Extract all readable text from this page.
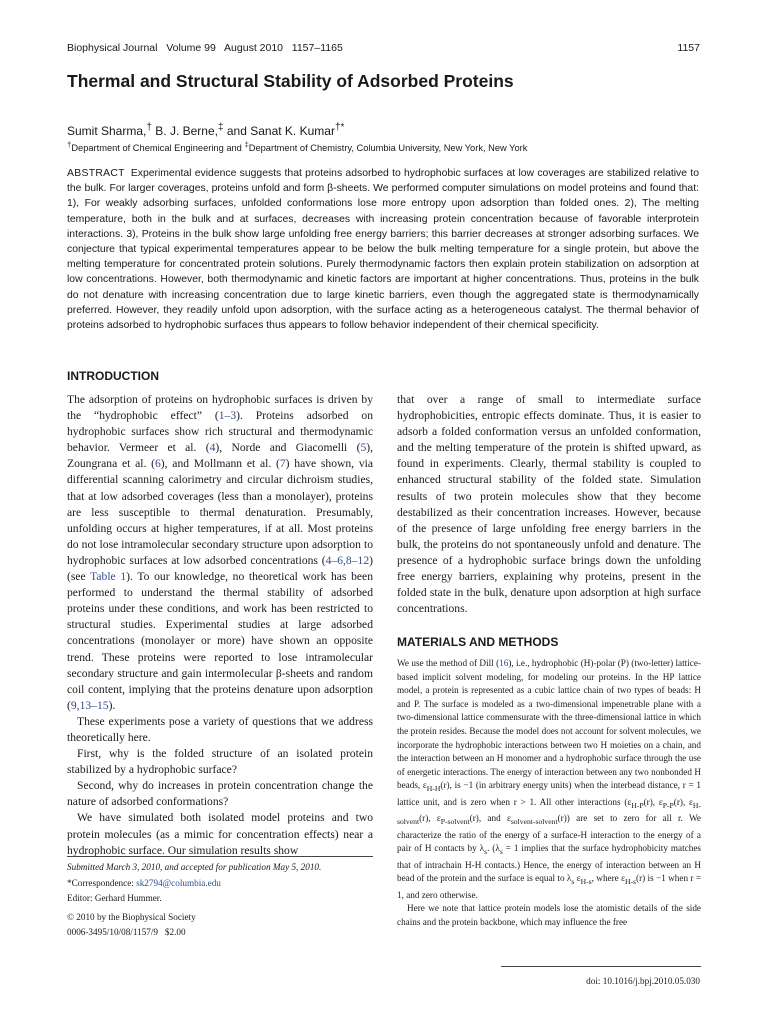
Biophysical Journal Volume 99 August 2010 1157–1165	1157
Thermal and Structural Stability of Adsorbed Proteins
Sumit Sharma,† B. J. Berne,‡ and Sanat K. Kumar†*
†Department of Chemical Engineering and ‡Department of Chemistry, Columbia University, New York, New York

ABSTRACT Experimental evidence suggests that proteins adsorbed to hydrophobic surfaces at low coverages are stabilized relative to the bulk. For larger coverages, proteins unfold and form β-sheets. We performed computer simulations on model proteins and found that: 1), For weakly adsorbing surfaces, unfolded conformations lose more entropy upon adsorption than folded ones. 2), The melting temperature, both in the bulk and at surfaces, decreases with increasing protein concentration because of favorable interprotein interactions. 3), Proteins in the bulk show large unfolding free energy barriers; this barrier decreases at stronger adsorbing surfaces. We conjecture that typical experimental temperatures appear to be below the bulk melting temperature for a single protein, but above the melting temperature for concentrated protein solutions. Purely thermodynamic factors then explain protein stabilization on adsorption at low concentrations. However, both thermodynamic and kinetic factors are important at higher concentrations. Thus, proteins in the bulk do not denature with increasing concentration due to large kinetic barriers, even though the aggregated state is thermodynamically preferred. However, they readily unfold upon adsorption, with the surface acting as a heterogeneous catalyst. The thermal behavior of proteins adsorbed to hydrophobic surfaces thus appears to follow behavior independent of their chemical specificity.

INTRODUCTION

The adsorption of proteins on hydrophobic surfaces is driven by the “hydrophobic effect” (1–3). Proteins adsorbed on hydrophobic surfaces show rich structural and thermodynamic behavior. Vermeer et al. (4), Norde and Giacomelli (5), Zoungrana et al. (6), and Mollmann et al. (7) have shown, via differential scanning calorimetry and circular dichroism studies, that at low adsorbed coverages (less than a monolayer), proteins are less susceptible to thermal denaturation. Presumably, unfolding occurs at higher temperatures, if at all. Most proteins do not lose intramolecular secondary structure upon adsorption to hydrophobic surfaces at low adsorbed concentrations (4–6,8–12) (see Table 1). To our knowledge, no theoretical work has been performed to understand the thermal stability of adsorbed proteins under these conditions, and work has been restricted to structural studies. Experimental studies at large adsorbed concentrations (monolayer or more) have shown an opposite trend. These proteins were reported to lose intramolecular secondary structure and gain intermolecular β-sheets and random coil content, implying that the proteins denature upon adsorption (9,13–15).

These experiments pose a variety of questions that we address theoretically here.

First, why is the folded structure of an isolated protein stabilized by a hydrophobic surface?

Second, why do increases in protein concentration change the nature of adsorbed conformations?

We have simulated both isolated model proteins and two protein molecules (as a mimic for concentration effects) near a hydrophobic surface. Our simulation results show

that over a range of small to intermediate surface hydrophobicities, entropic effects dominate. Thus, it is easier to adsorb a folded conformation versus an unfolded conformation, and the melting temperature of the protein is shifted upward, as found in experiments. Clearly, thermal stability is coupled to enhanced structural stability of the folded state. Simulation results of two protein molecules show that they become destabilized as their concentration increases. However, because of the presence of large unfolding free energy barriers in the bulk, the proteins do not spontaneously unfold and denature. The presence of a hydrophobic surface brings down the unfolding free energy barriers, explaining why proteins, present in the folded state in the bulk, denature upon adsorption at high surface concentrations.

MATERIALS AND METHODS

We use the method of Dill (16), i.e., hydrophobic (H)-polar (P) (two-letter) lattice-based implicit solvent modeling, for modeling our proteins. In the HP lattice model, a protein is represented as a cubic lattice chain of two types of beads: H and P. The surface is modeled as a two-dimensional impenetrable plane with a two-dimensional lattice commensurate with the three-dimensional lattice in which the protein resides. Because the model does not account for solvent molecules, we incorporate the hydrophobic interactions between two H moieties on a chain, and the interaction between an H monomer and a hydrophobic surface through the use of energetic interactions. The energy of interaction between any two nonbonded H beads, $\varepsilon_{H-H}(r)$, is −1 (in arbitrary energy units) when the interbead distance, r = 1 lattice unit, and is zero when r > 1. All other interactions ($\varepsilon_{H-P}(r)$, $\varepsilon_{P-P}(r)$, $\varepsilon_{H-solvent}(r)$, $\varepsilon_{P-solvent}(r)$, and $\varepsilon_{solvent-solvent}(r)$) are set to zero for all r. We characterize the ratio of the energy of a surface-H interaction to the energy of a pair of H contacts by $\lambda_s$. ($\lambda_s = 1$ implies that the surface hydrophobicity matches that of intrachain H-H contacts.) Hence, the energy of interaction between an H bead of the protein and the surface is equal to $\lambda_s$ $\varepsilon_{H-s}$, where $\varepsilon_{H-s}(r)$ is −1 when r = 1, and zero otherwise.

Here we note that lattice protein models lose the atomistic details of the side chains and the protein backbone, which may influence the free

Submitted March 3, 2010, and accepted for publication May 5, 2010.
*Correspondence: sk2794@columbia.edu
Editor: Gerhard Hummer.
© 2010 by the Biophysical Society
0006-3495/10/08/1157/9 $2.00
doi: 10.1016/j.bpj.2010.05.030
